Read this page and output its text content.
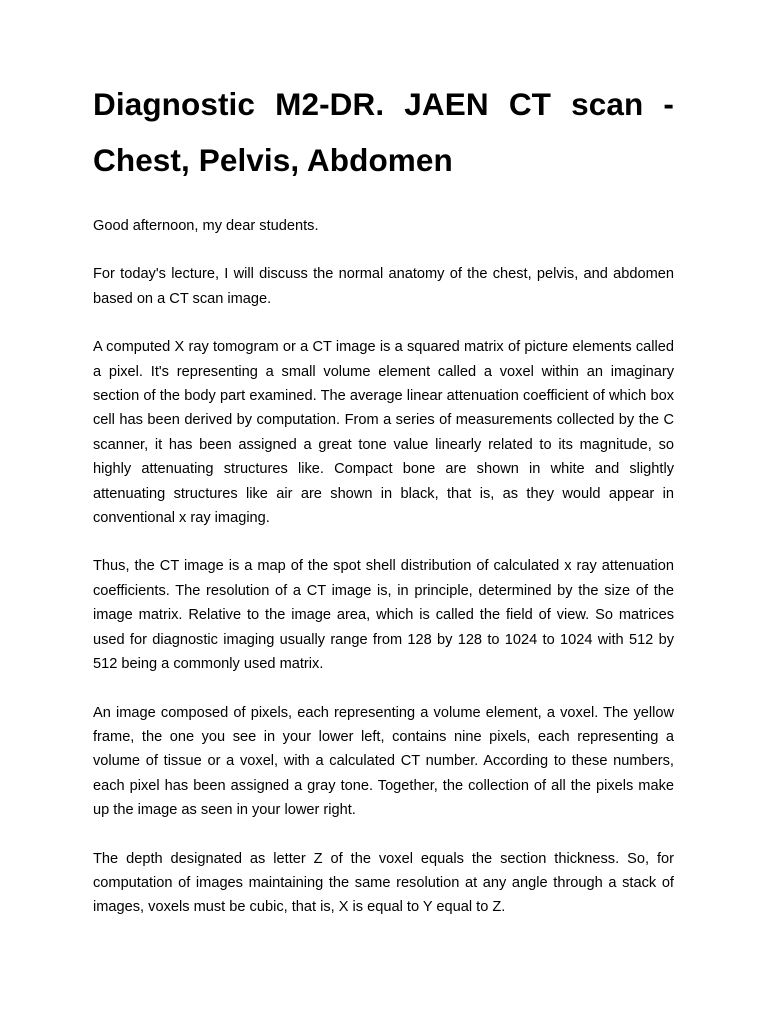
Diagnostic M2-DR. JAEN CT scan - Chest, Pelvis, Abdomen

Good afternoon, my dear students.

For today's lecture, I will discuss the normal anatomy of the chest, pelvis, and abdomen based on a CT scan image.

A computed X ray tomogram or a CT image is a squared matrix of picture elements called a pixel. It's representing a small volume element called a voxel within an imaginary section of the body part examined. The average linear attenuation coefficient of which box cell has been derived by computation. From a series of measurements collected by the C scanner, it has been assigned a great tone value linearly related to its magnitude, so highly attenuating structures like. Compact bone are shown in white and slightly attenuating structures like air are shown in black, that is, as they would appear in conventional x ray imaging.

Thus, the CT image is a map of the spot shell distribution of calculated x ray attenuation coefficients. The resolution of a CT image is, in principle, determined by the size of the image matrix. Relative to the image area, which is called the field of view. So matrices used for diagnostic imaging usually range from 128 by 128 to 1024 to 1024 with 512 by 512 being a commonly used matrix.

An image composed of pixels, each representing a volume element, a voxel. The yellow frame, the one you see in your lower left, contains nine pixels, each representing a volume of tissue or a voxel, with a calculated CT number. According to these numbers, each pixel has been assigned a gray tone. Together, the collection of all the pixels make up the image as seen in your lower right.

The depth designated as letter Z of the voxel equals the section thickness. So, for computation of images maintaining the same resolution at any angle through a stack of images, voxels must be cubic, that is, X is equal to Y equal to Z.
